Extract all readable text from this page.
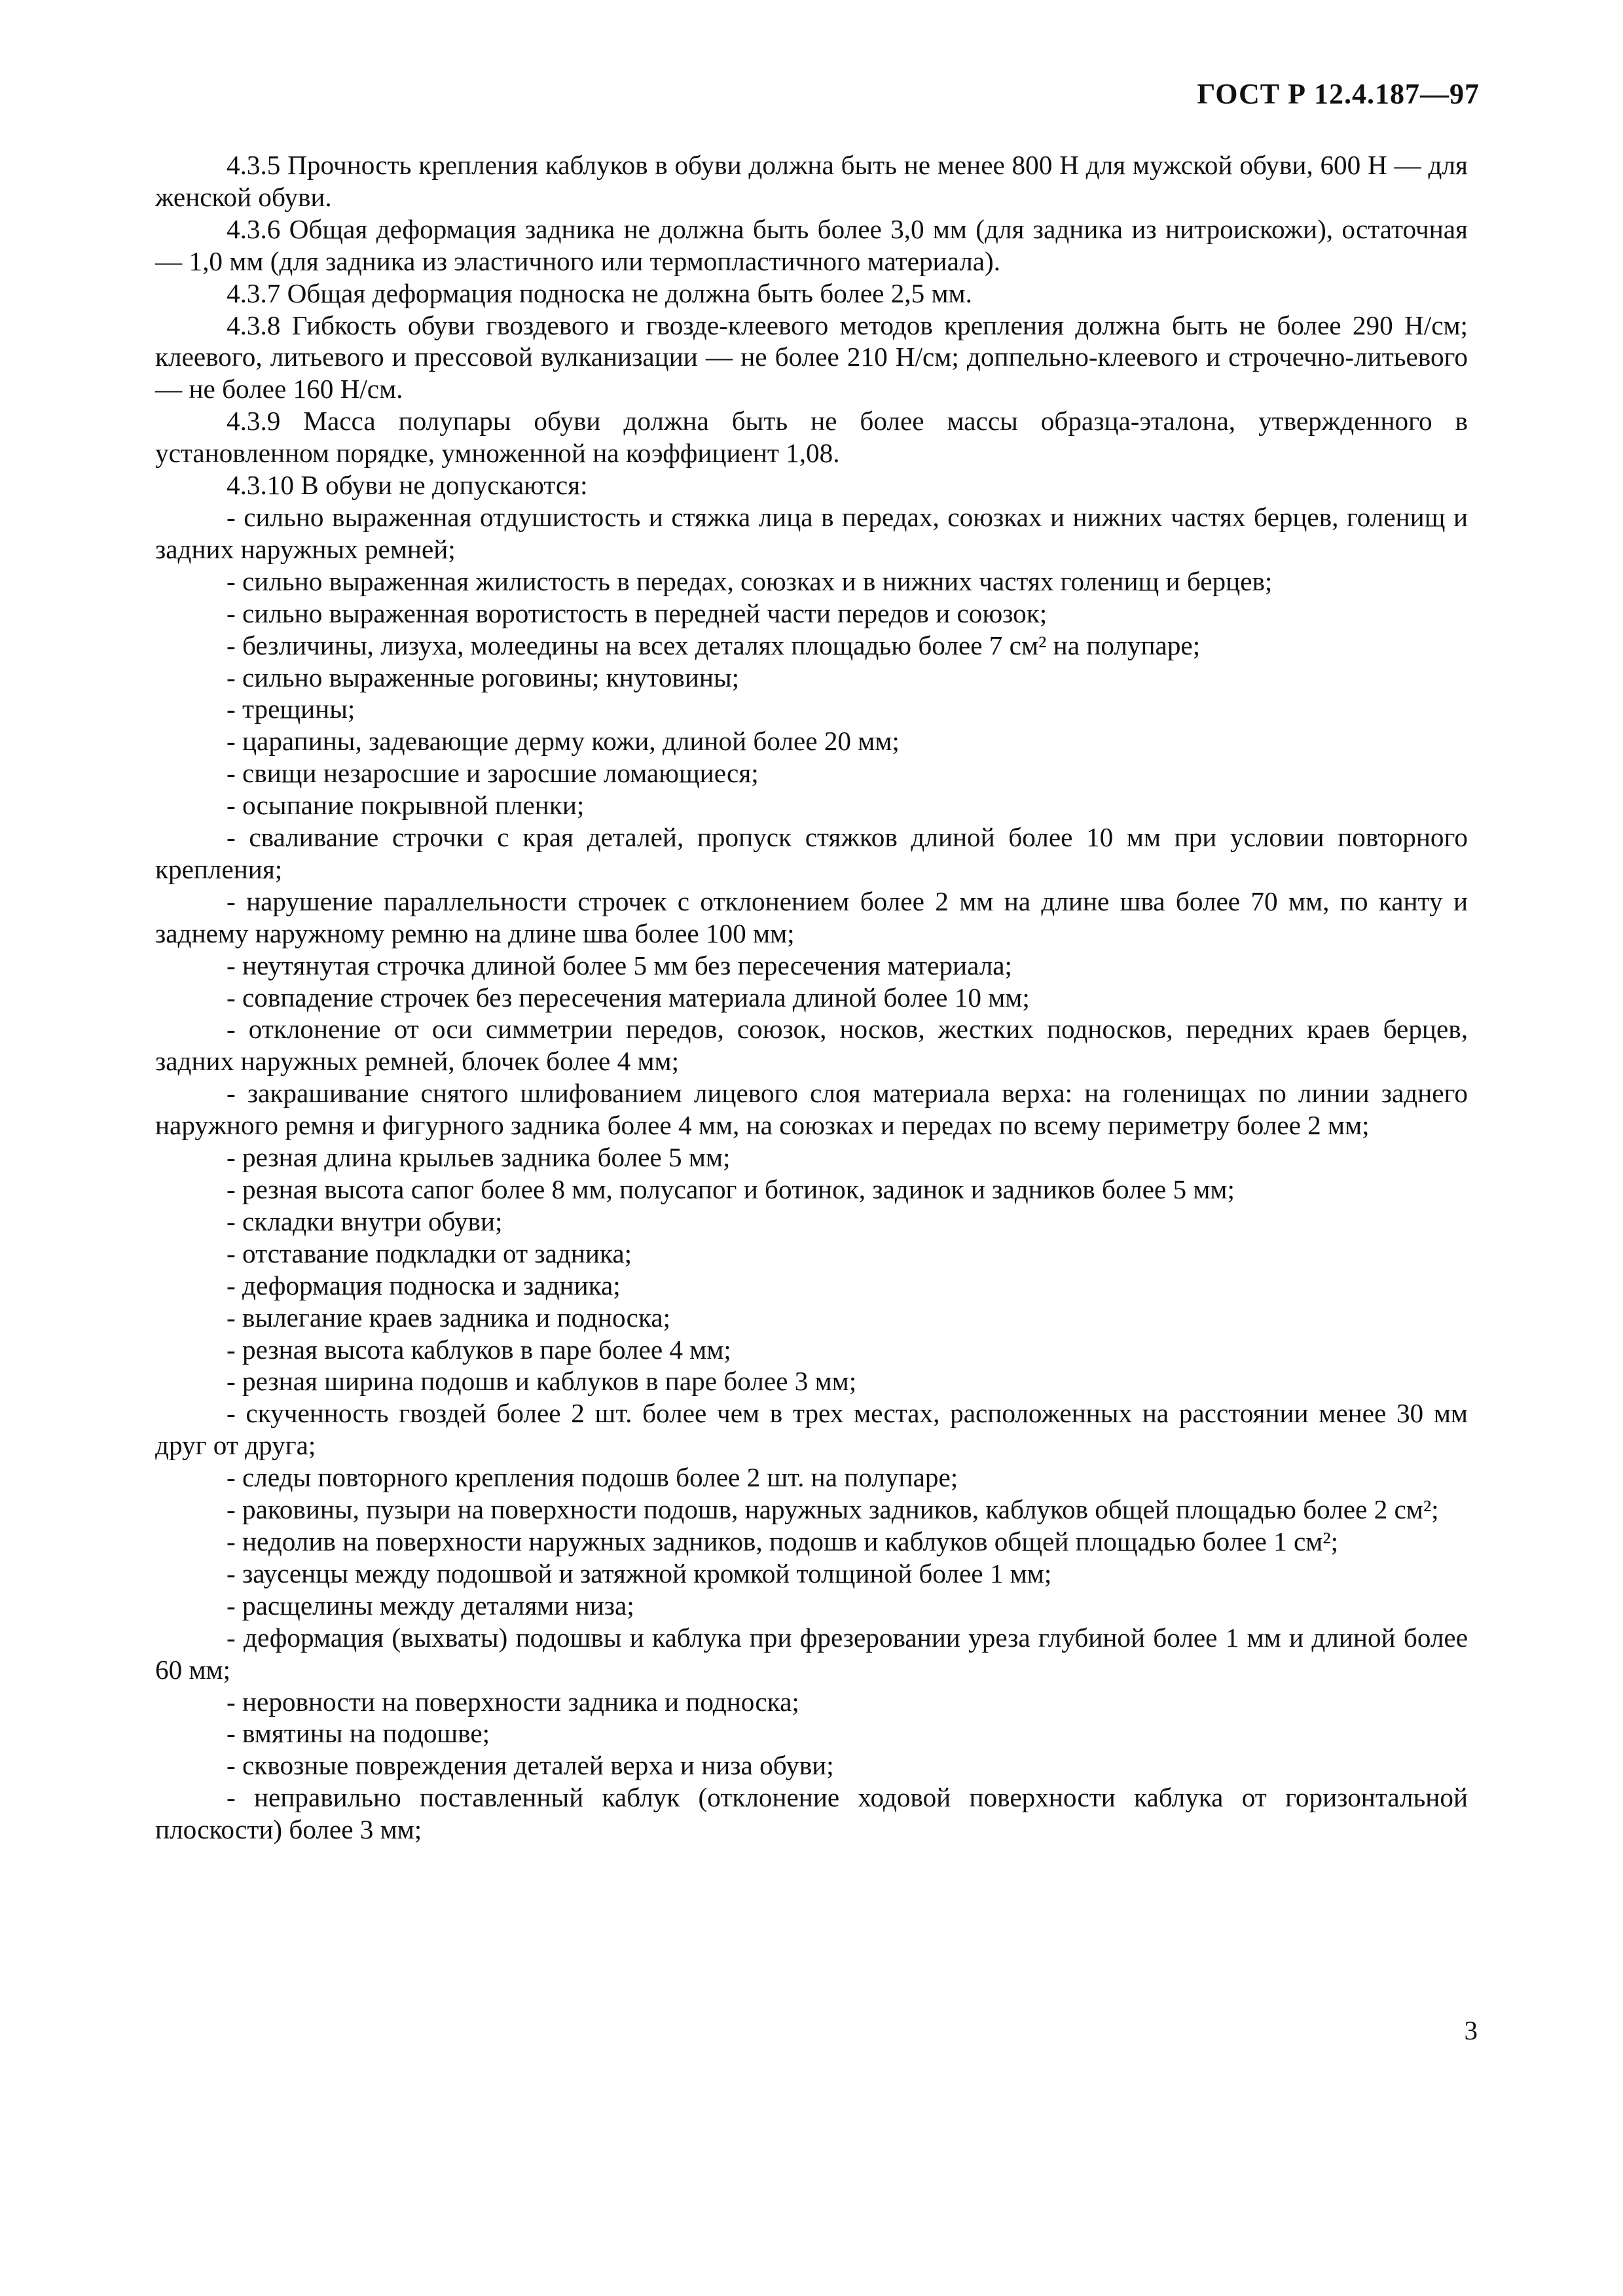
ГОСТ Р 12.4.187—97

4.3.5 Прочность крепления каблуков в обуви должна быть не менее 800 Н для мужской обуви, 600 Н — для женской обуви.

4.3.6 Общая деформация задника не должна быть более 3,0 мм (для задника из нитроискожи), остаточная — 1,0 мм (для задника из эластичного или термопластичного материала).

4.3.7 Общая деформация подноска не должна быть более 2,5 мм.

4.3.8 Гибкость обуви гвоздевого и гвозде-клеевого методов крепления должна быть не более 290 Н/см; клеевого, литьевого и прессовой вулканизации — не более 210 Н/см; доппельно-клеевого и строчечно-литьевого — не более 160 Н/см.

4.3.9 Масса полупары обуви должна быть не более массы образца-эталона, утвержденного в установленном порядке, умноженной на коэффициент 1,08.

4.3.10 В обуви не допускаются:

- сильно выраженная отдушистость и стяжка лица в передах, союзках и нижних частях берцев, голенищ и задних наружных ремней;

- сильно выраженная жилистость в передах, союзках и в нижних частях голенищ и берцев;

- сильно выраженная воротистость в передней части передов и союзок;

- безличины, лизуха, молеедины на всех деталях площадью более 7 см² на полупаре;

- сильно выраженные роговины; кнутовины;

- трещины;

- царапины, задевающие дерму кожи, длиной более 20 мм;

- свищи незаросшие и заросшие ломающиеся;

- осыпание покрывной пленки;

- сваливание строчки с края деталей, пропуск стяжков длиной более 10 мм при условии повторного крепления;

- нарушение параллельности строчек с отклонением более 2 мм на длине шва более 70 мм, по канту и заднему наружному ремню на длине шва более 100 мм;

- неутянутая строчка длиной более 5 мм без пересечения материала;

- совпадение строчек без пересечения материала длиной более 10 мм;

- отклонение от оси симметрии передов, союзок, носков, жестких подносков, передних краев берцев, задних наружных ремней, блочек более 4 мм;

- закрашивание снятого шлифованием лицевого слоя материала верха: на голенищах по линии заднего наружного ремня и фигурного задника более 4 мм, на союзках и передах по всему периметру более 2 мм;

- резная длина крыльев задника более 5 мм;

- резная высота сапог более 8 мм, полусапог и ботинок, задинок и задников более 5 мм;

- складки внутри обуви;

- отставание подкладки от задника;

- деформация подноска и задника;

- вылегание краев задника и подноска;

- резная высота каблуков в паре более 4 мм;

- резная ширина подошв и каблуков в паре более 3 мм;

- скученность гвоздей более 2 шт. более чем в трех местах, расположенных на расстоянии менее 30 мм друг от друга;

- следы повторного крепления подошв более 2 шт. на полупаре;

- раковины, пузыри на поверхности подошв, наружных задников, каблуков общей площадью более 2 см²;

- недолив на поверхности наружных задников, подошв и каблуков общей площадью более 1 см²;

- заусенцы между подошвой и затяжной кромкой толщиной более 1 мм;

- расщелины между деталями низа;

- деформация (выхваты) подошвы и каблука при фрезеровании уреза глубиной более 1 мм и длиной более 60 мм;

- неровности на поверхности задника и подноска;

- вмятины на подошве;

- сквозные повреждения деталей верха и низа обуви;

- неправильно поставленный каблук (отклонение ходовой поверхности каблука от горизонтальной плоскости) более 3 мм;

3
